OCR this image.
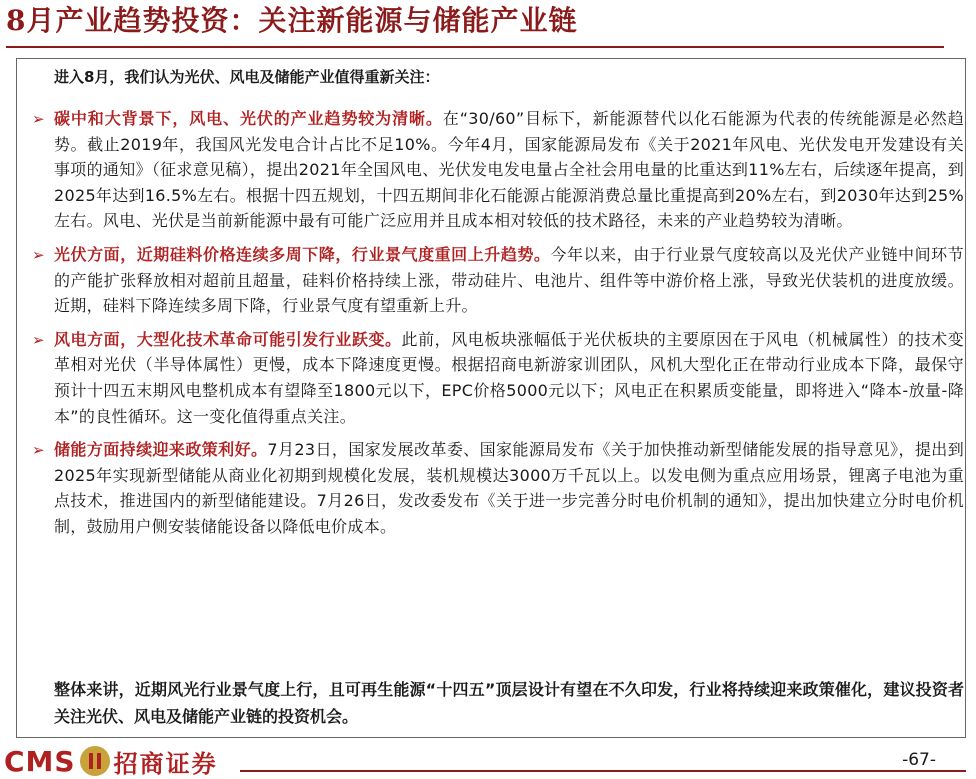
8月产业趋势投资：关注新能源与储能产业链
进入8月，我们认为光伏、风电及储能产业值得重新关注：
➢ 碳中和大背景下，风电、光伏的产业趋势较为清晰。在“30/60”目标下，新能源替代以化石能源为代表的传统能源是必然趋势。截止2019年，我国风光发电合计占比不足10%。今年4月，国家能源局发布《关于2021年风电、光伏发电开发建设有关事项的通知》（征求意见稿），提出2021年全国风电、光伏发电发电量占全社会用电量的比重达到11%左右，后续逐年提高，到2025年达到16.5%左右。根据十四五规划，十四五期间非化石能源占能源消费总量比重提高到20%左右，到2030年达到25%左右。风电、光伏是当前新能源中最有可能广泛应用并且成本相对较低的技术路径，未来的产业趋势较为清晰。
➢ 光伏方面，近期硅料价格连续多周下降，行业景气度重回上升趋势。今年以来，由于行业景气度较高以及光伏产业链中间环节的产能扩张释放相对超前且超量，硅料价格持续上涨，带动硅片、电池片、组件等中游价格上涨，导致光伏装机的进度放缓。近期，硅料下降连续多周下降，行业景气度有望重新上升。
➢ 风电方面，大型化技术革命可能引发行业跃变。此前，风电板块涨幅低于光伏板块的主要原因在于风电（机械属性）的技术变革相对光伏（半导体属性）更慢，成本下降速度更慢。根据招商电新游家训团队，风机大型化正在带动行业成本下降，最保守预计十四五末期风电整机成本有望降至1800元以下，EPC价格5000元以下；风电正在积累质变能量，即将进入“降本-放量-降本”的良性循环。这一变化值得重点关注。
➢ 储能方面持续迎来政策利好。7月23日，国家发展改革委、国家能源局发布《关于加快推动新型储能发展的指导意见》，提出到2025年实现新型储能从商业化初期到规模化发展，装机规模达3000万千瓦以上。以发电侧为重点应用场景，锂离子电池为重点技术，推进国内的新型储能建设。7月26日，发改委发布《关于进一步完善分时电价机制的通知》，提出加快建立分时电价机制，鼓励用户侧安装储能设备以降低电价成本。
整体来讲，近期风光行业景气度上行，且可再生能源“十四五”顶层设计有望在不久印发，行业将持续迎来政策催化，建议投资者关注光伏、风电及储能产业链的投资机会。
CMS 招商证券	-67-
